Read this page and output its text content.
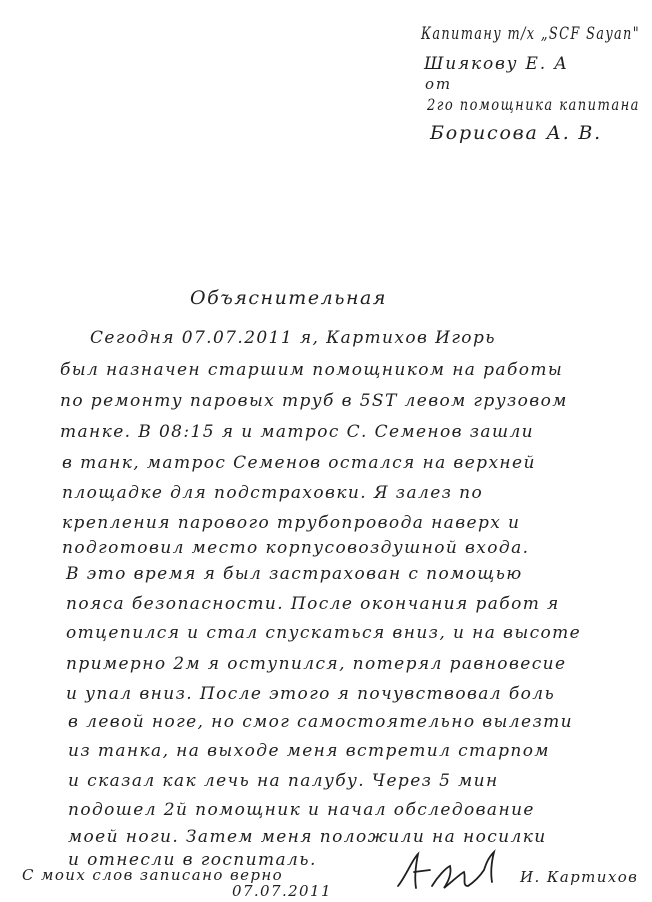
Капитану т/х „SCF Sayan"
Шиякову Е. А
от
2го помощника капитана
Борисова А. В.
Объяснительная
Сегодня 07.07.2011 я, Картихов Игорь
был назначен старшим помощником на работы
по ремонту паровых труб в 5ST левом грузовом
танке. В 08:15 я и матрос С. Семенов зашли
в танк, матрос Семенов остался на верхней
площадке для подстраховки. Я залез по
крепления парового трубопровода наверх и
подготовил место корпусовоздушной входа.
В это время я был застрахован с помощью
пояса безопасности. После окончания работ я
отцепился и стал спускаться вниз, и на высоте
примерно 2м я оступился, потерял равновесие
и упал вниз. После этого я почувствовал боль
в левой ноге, но смог самостоятельно вылезти
из танка, на выходе меня встретил старпом
и сказал как лечь на палубу. Через 5 мин
подошел 2й помощник и начал обследование
моей ноги. Затем меня положили на носилки
и отнесли в госпиталь.
С моих слов записано верно
07.07.2011
И. Картихов
